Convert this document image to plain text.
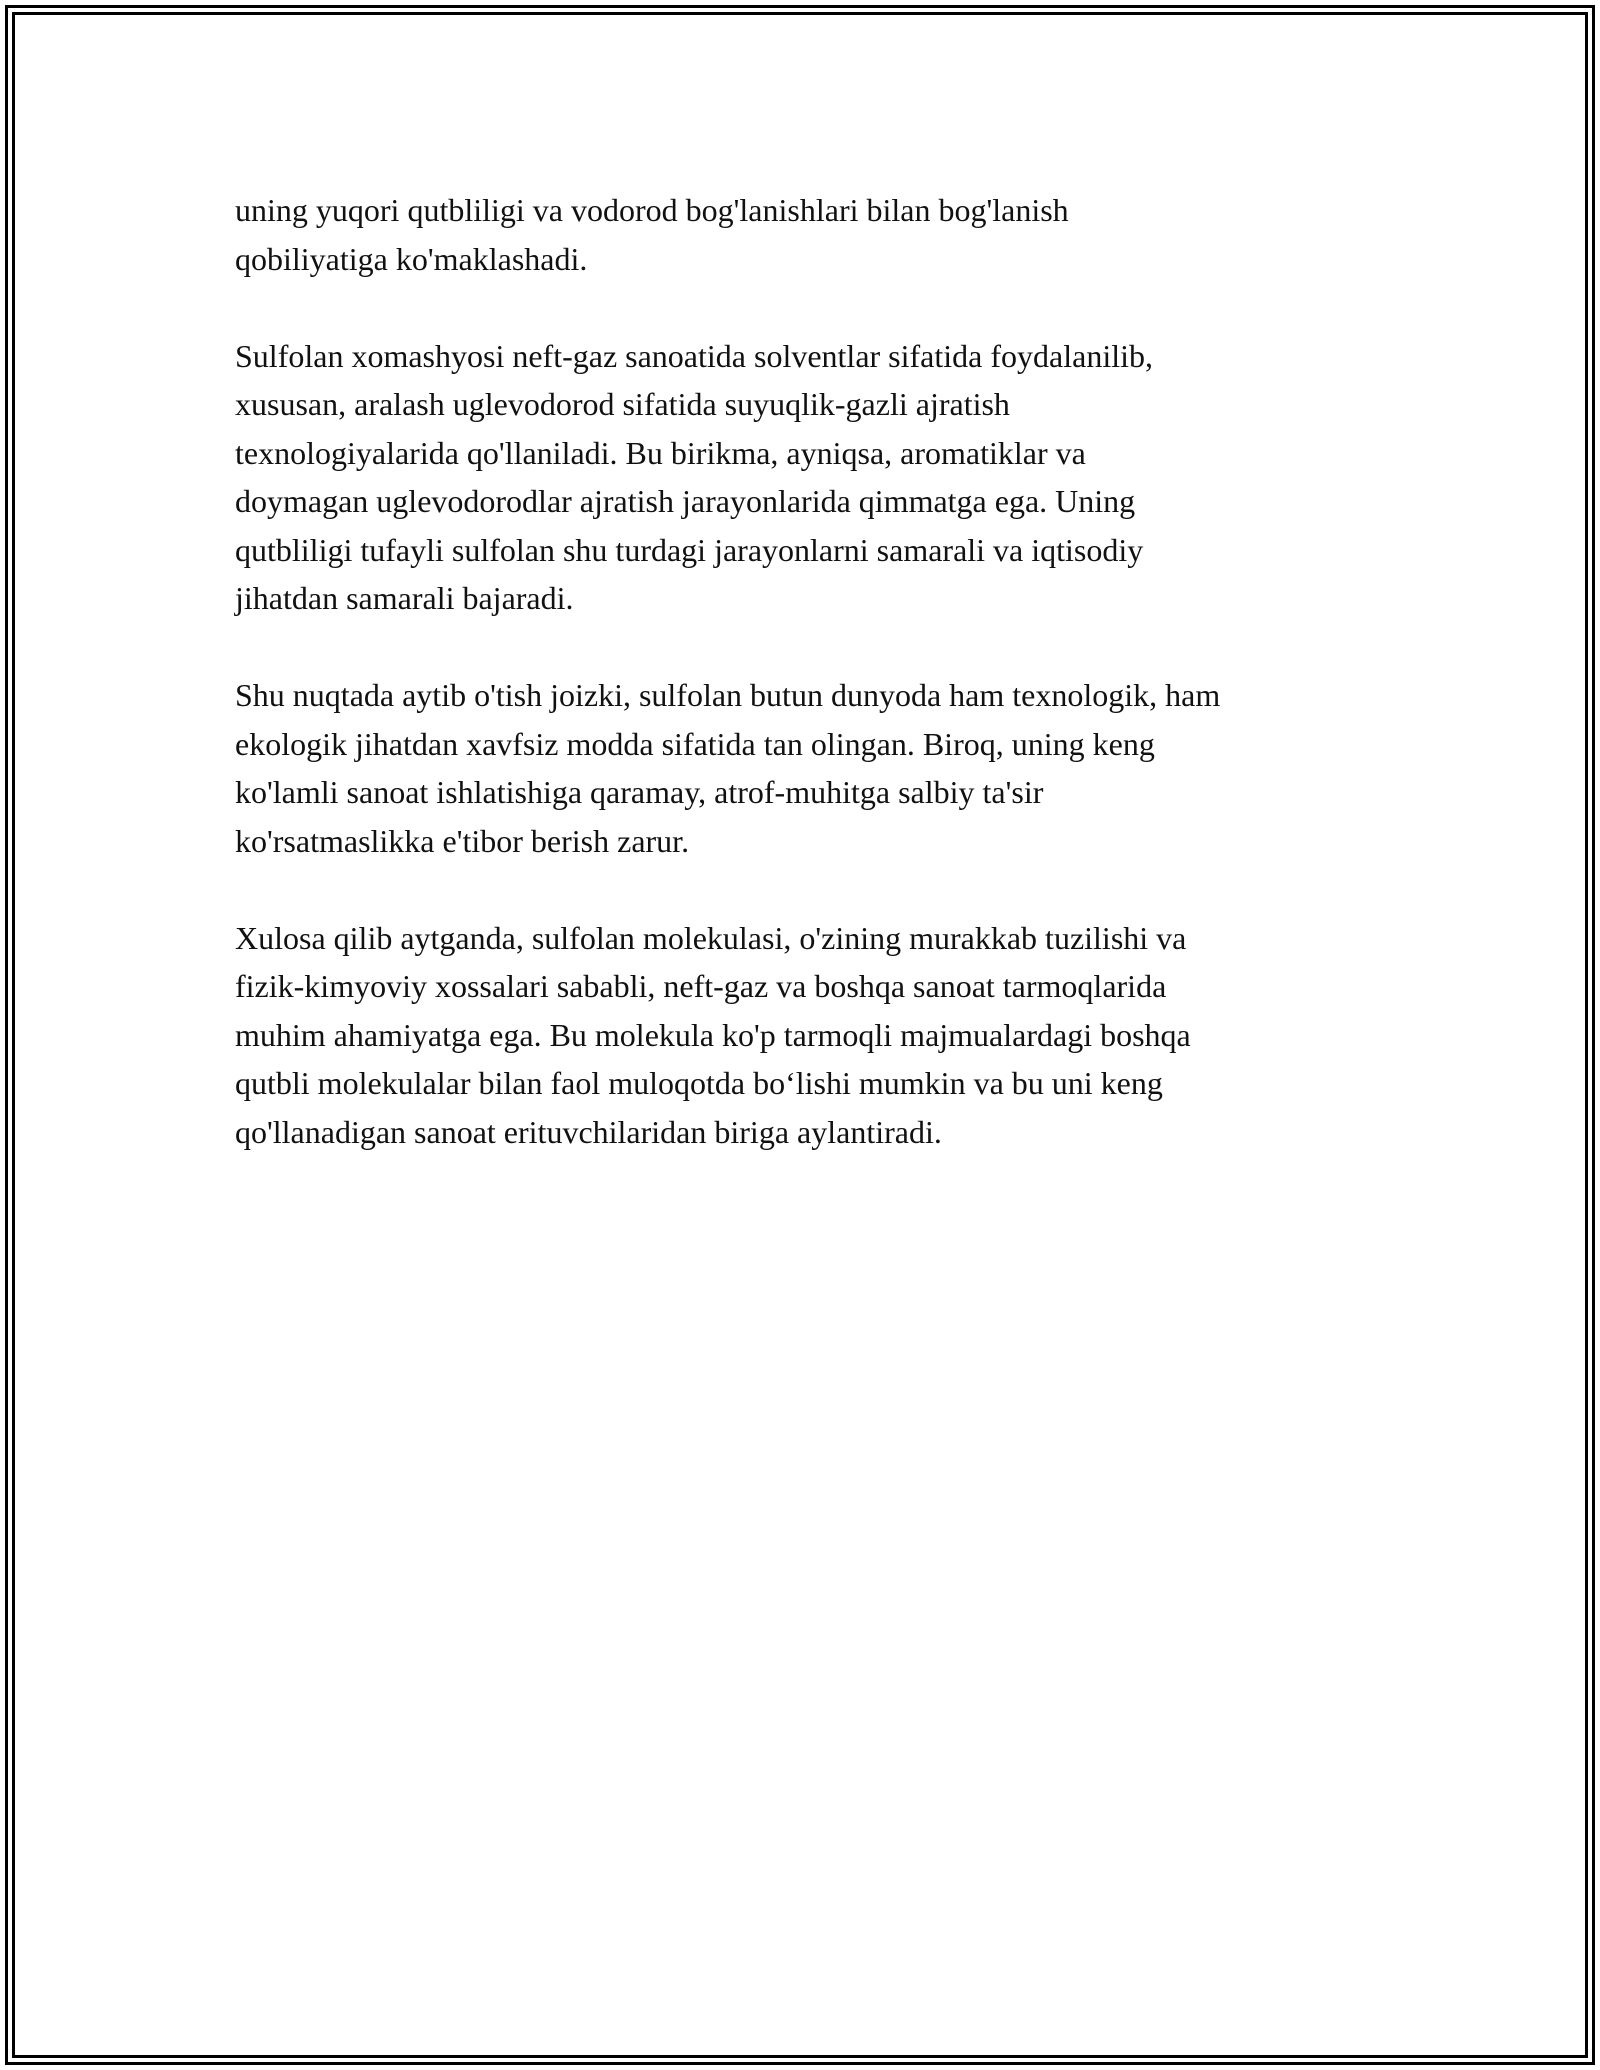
uning yuqori qutbliligi va vodorod bog'lanishlari bilan bog'lanish
qobiliyatiga ko'maklashadi.

Sulfolan xomashyosi neft-gaz sanoatida solventlar sifatida foydalanilib,
xususan, aralash uglevodorod sifatida suyuqlik-gazli ajratish
texnologiyalarida qo'llaniladi. Bu birikma, ayniqsa, aromatiklar va
doymagan uglevodorodlar ajratish jarayonlarida qimmatga ega. Uning
qutbliligi tufayli sulfolan shu turdagi jarayonlarni samarali va iqtisodiy
jihatdan samarali bajaradi.

Shu nuqtada aytib o'tish joizki, sulfolan butun dunyoda ham texnologik, ham
ekologik jihatdan xavfsiz modda sifatida tan olingan. Biroq, uning keng
ko'lamli sanoat ishlatishiga qaramay, atrof-muhitga salbiy ta'sir
ko'rsatmaslikka e'tibor berish zarur.

Xulosa qilib aytganda, sulfolan molekulasi, o'zining murakkab tuzilishi va
fizik-kimyoviy xossalari sababli, neft-gaz va boshqa sanoat tarmoqlarida
muhim ahamiyatga ega. Bu molekula ko'p tarmoqli majmualardagi boshqa
qutbli molekulalar bilan faol muloqotda bo‘lishi mumkin va bu uni keng
qo'llanadigan sanoat erituvchilaridan biriga aylantiradi.
